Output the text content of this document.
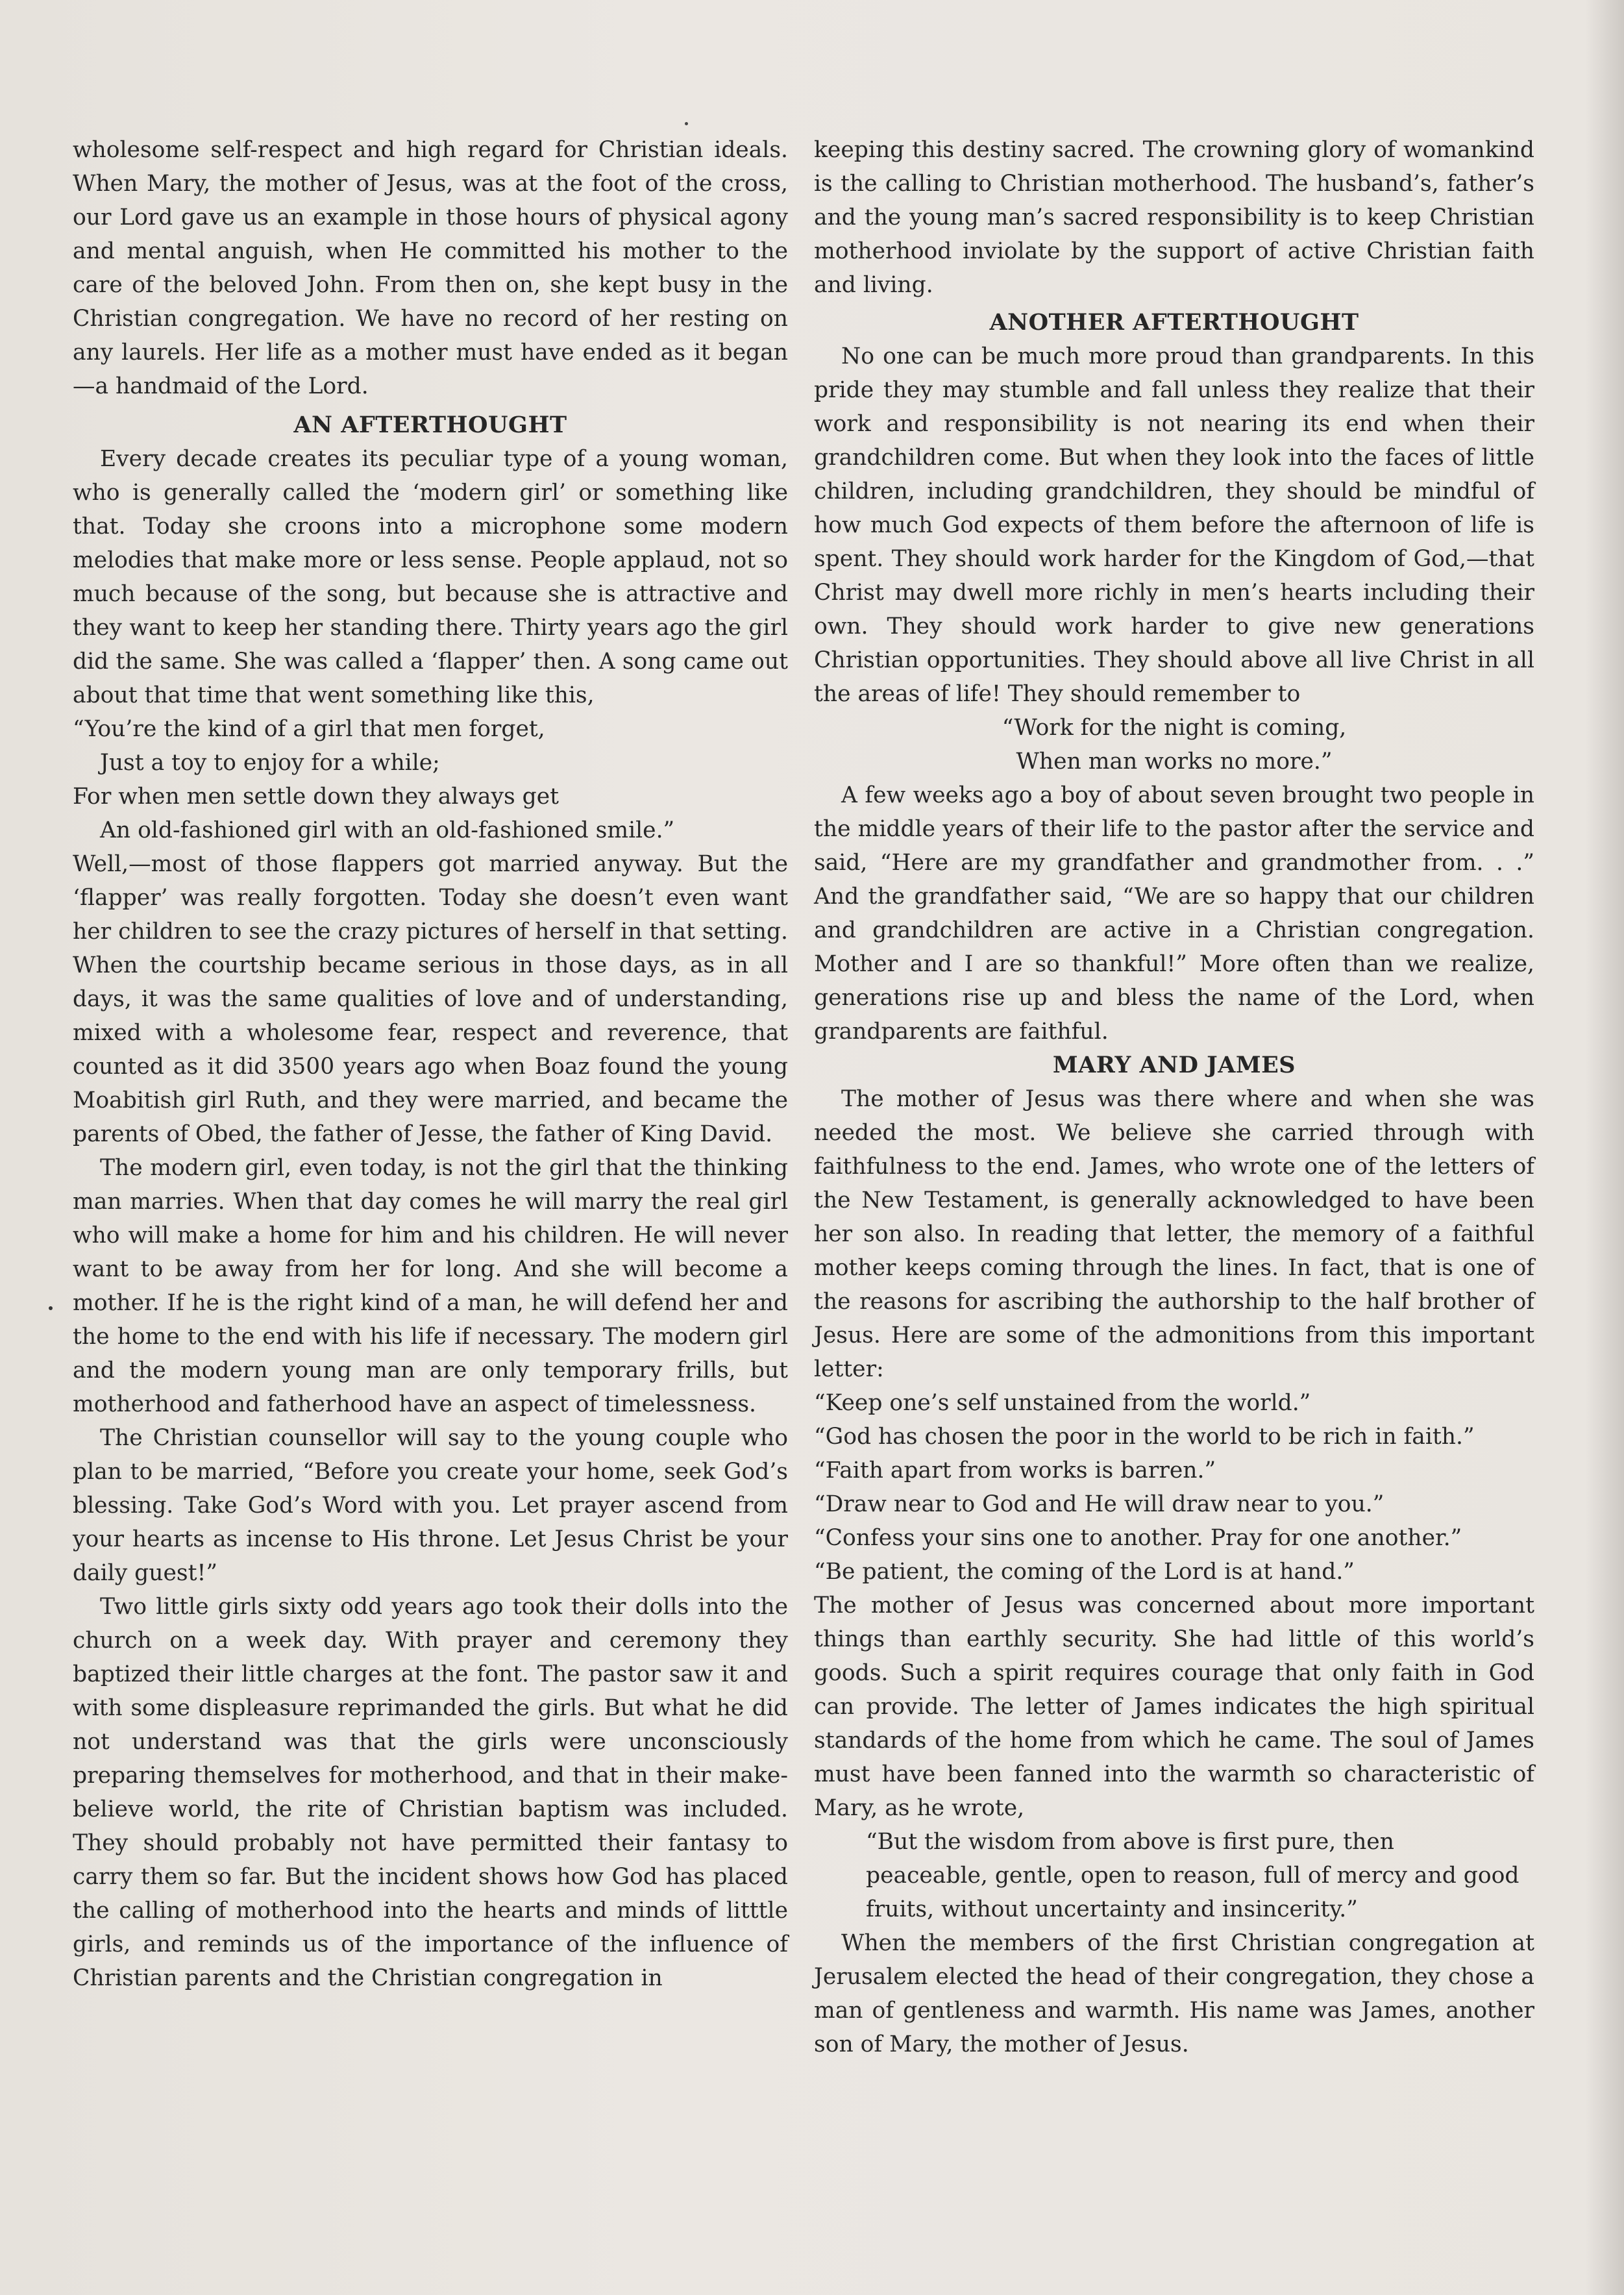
wholesome self-respect and high regard for Christian ideals. When Mary, the mother of Jesus, was at the foot of the cross, our Lord gave us an example in those hours of physical agony and mental anguish, when He committed his mother to the care of the beloved John. From then on, she kept busy in the Christian congregation. We have no record of her resting on any laurels. Her life as a mother must have ended as it began—a handmaid of the Lord.

AN AFTERTHOUGHT

Every decade creates its peculiar type of a young woman, who is generally called the ‘modern girl’ or something like that. Today she croons into a microphone some modern melodies that make more or less sense. People applaud, not so much because of the song, but because she is attractive and they want to keep her standing there. Thirty years ago the girl did the same. She was called a ‘flapper’ then. A song came out about that time that went something like this,

“You’re the kind of a girl that men forget,

Just a toy to enjoy for a while;

For when men settle down they always get

An old-fashioned girl with an old-fashioned smile.”

Well,—most of those flappers got married anyway. But the ‘flapper’ was really forgotten. Today she doesn’t even want her children to see the crazy pictures of herself in that setting. When the courtship became serious in those days, as in all days, it was the same qualities of love and of understanding, mixed with a wholesome fear, respect and reverence, that counted as it did 3500 years ago when Boaz found the young Moabitish girl Ruth, and they were married, and became the parents of Obed, the father of Jesse, the father of King David.

The modern girl, even today, is not the girl that the thinking man marries. When that day comes he will marry the real girl who will make a home for him and his children. He will never want to be away from her for long. And she will become a mother. If he is the right kind of a man, he will defend her and the home to the end with his life if necessary. The modern girl and the modern young man are only temporary frills, but motherhood and fatherhood have an aspect of timelessness.

The Christian counsellor will say to the young couple who plan to be married, “Before you create your home, seek God’s blessing. Take God’s Word with you. Let prayer ascend from your hearts as incense to His throne. Let Jesus Christ be your daily guest!”

Two little girls sixty odd years ago took their dolls into the church on a week day. With prayer and ceremony they baptized their little charges at the font. The pastor saw it and with some displeasure reprimanded the girls. But what he did not understand was that the girls were unconsciously preparing themselves for motherhood, and that in their make-believe world, the rite of Christian baptism was included. They should probably not have permitted their fantasy to carry them so far. But the incident shows how God has placed the calling of motherhood into the hearts and minds of litttle girls, and reminds us of the importance of the influence of Christian parents and the Christian congregation in

keeping this destiny sacred. The crowning glory of womankind is the calling to Christian motherhood. The husband’s, father’s and the young man’s sacred responsibility is to keep Christian motherhood inviolate by the support of active Christian faith and living.

ANOTHER AFTERTHOUGHT

No one can be much more proud than grandparents. In this pride they may stumble and fall unless they realize that their work and responsibility is not nearing its end when their grandchildren come. But when they look into the faces of little children, including grandchildren, they should be mindful of how much God expects of them before the afternoon of life is spent. They should work harder for the Kingdom of God,—that Christ may dwell more richly in men’s hearts including their own. They should work harder to give new generations Christian opportunities. They should above all live Christ in all the areas of life! They should remember to

“Work for the night is coming,

When man works no more.”

A few weeks ago a boy of about seven brought two people in the middle years of their life to the pastor after the service and said, “Here are my grandfather and grandmother from. . .” And the grandfather said, “We are so happy that our children and grandchildren are active in a Christian congregation. Mother and I are so thankful!” More often than we realize, generations rise up and bless the name of the Lord, when grandparents are faithful.

MARY AND JAMES

The mother of Jesus was there where and when she was needed the most. We believe she carried through with faithfulness to the end. James, who wrote one of the letters of the New Testament, is generally acknowledged to have been her son also. In reading that letter, the memory of a faithful mother keeps coming through the lines. In fact, that is one of the reasons for ascribing the authorship to the half brother of Jesus. Here are some of the admonitions from this important letter:

“Keep one’s self unstained from the world.”

“God has chosen the poor in the world to be rich in faith.”

“Faith apart from works is barren.”

“Draw near to God and He will draw near to you.”

“Confess your sins one to another. Pray for one another.”

“Be patient, the coming of the Lord is at hand.”

The mother of Jesus was concerned about more important things than earthly security. She had little of this world’s goods. Such a spirit requires courage that only faith in God can provide. The letter of James indicates the high spiritual standards of the home from which he came. The soul of James must have been fanned into the warmth so characteristic of Mary, as he wrote,

“But the wisdom from above is first pure, then peaceable, gentle, open to reason, full of mercy and good fruits, without uncertainty and insincerity.”

When the members of the first Christian congregation at Jerusalem elected the head of their congregation, they chose a man of gentleness and warmth. His name was James, another son of Mary, the mother of Jesus.
